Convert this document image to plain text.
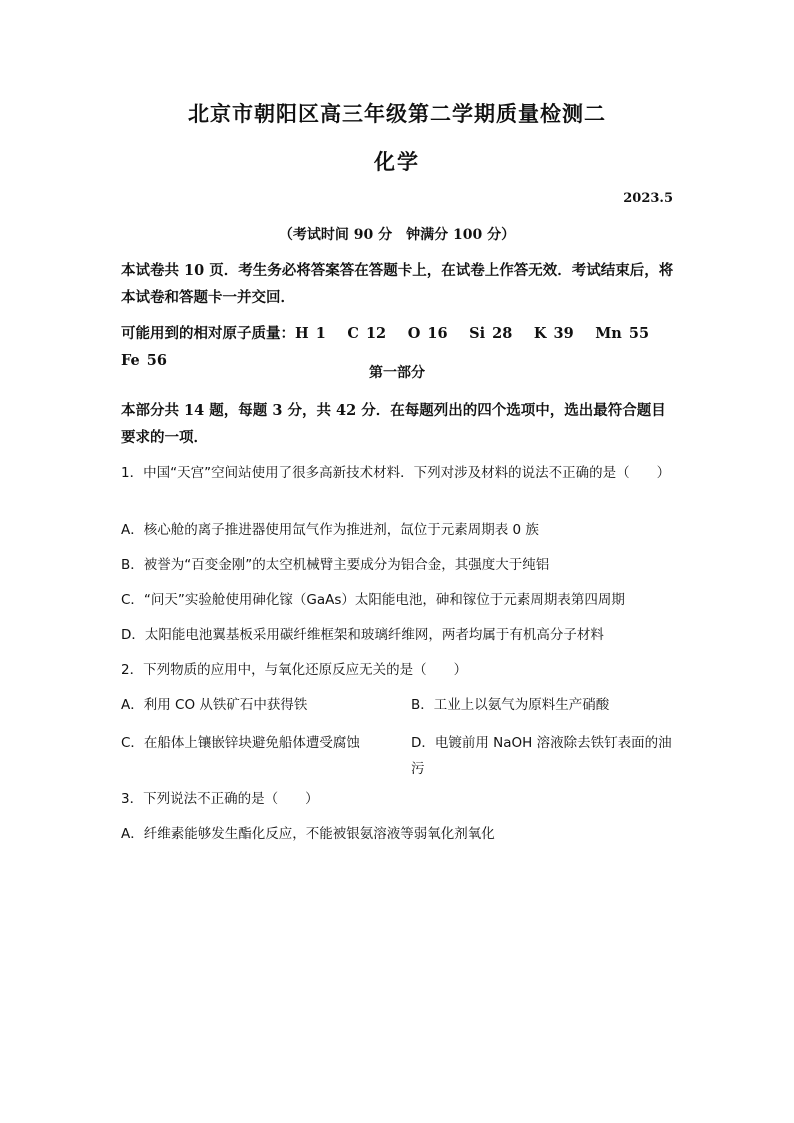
北京市朝阳区高三年级第二学期质量检测二
化学
2023.5
（考试时间 90 分　钟满分 100 分）
本试卷共 10 页．考生务必将答案答在答题卡上，在试卷上作答无效．考试结束后，将本试卷和答题卡一并交回．
可能用到的相对原子质量：H 1　 C 12　 O 16　 Si 28　 K 39　 Mn 55　 Fe 56
第一部分
本部分共 14 题，每题 3 分，共 42 分．在每题列出的四个选项中，选出最符合题目要求的一项．
1．中国“天宫”空间站使用了很多高新技术材料．下列对涉及材料的说法不正确的是（　　）
A．核心舱的离子推进器使用氙气作为推进剂，氙位于元素周期表 0 族
B．被誉为“百变金刚”的太空机械臂主要成分为铝合金，其强度大于纯铝
C．“问天”实验舱使用砷化镓（GaAs）太阳能电池，砷和镓位于元素周期表第四周期
D．太阳能电池翼基板采用碳纤维框架和玻璃纤维网，两者均属于有机高分子材料
2．下列物质的应用中，与氧化还原反应无关的是（　　）
A．利用 CO 从铁矿石中获得铁	B．工业上以氨气为原料生产硝酸
C．在船体上镶嵌锌块避免船体遭受腐蚀	D．电镀前用 NaOH 溶液除去铁钉表面的油污
3．下列说法不正确的是（　　）
A．纤维素能够发生酯化反应，不能被银氨溶液等弱氧化剂氧化
